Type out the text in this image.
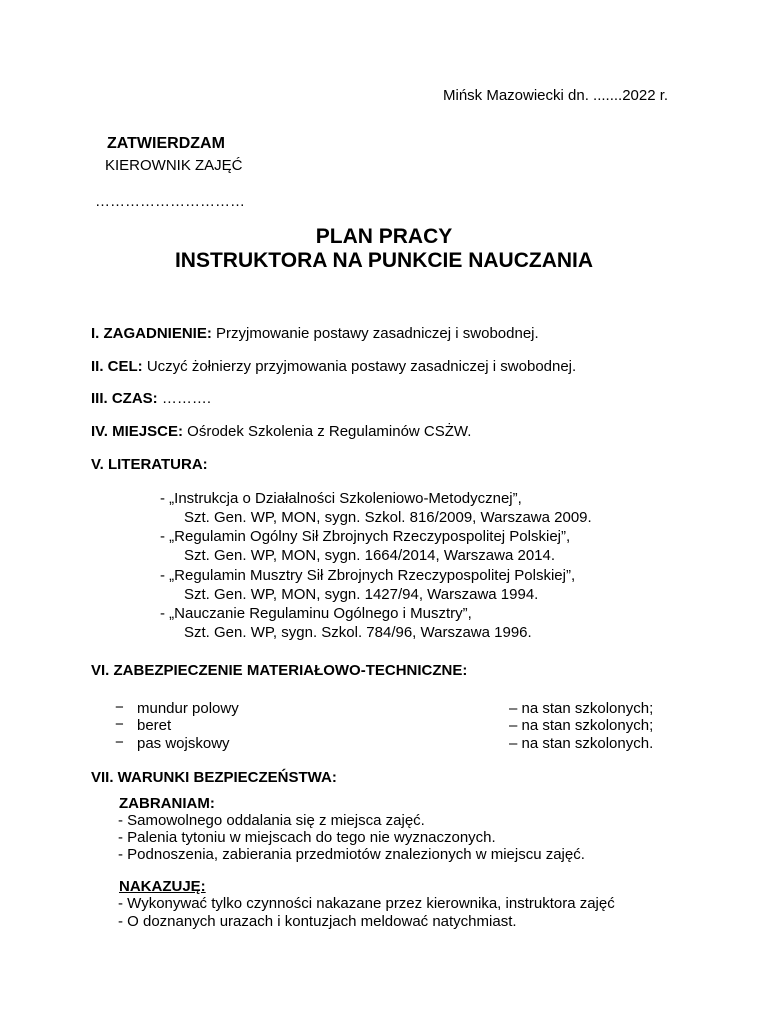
Mińsk Mazowiecki dn. .......2022 r.
ZATWIERDZAM
KIEROWNIK ZAJĘĆ
…………………………
PLAN PRACY
INSTRUKTORA NA PUNKCIE NAUCZANIA
I. ZAGADNIENIE: Przyjmowanie postawy zasadniczej i swobodnej.
II. CEL: Uczyć żołnierzy przyjmowania postawy zasadniczej i swobodnej.
III. CZAS: ……….
IV. MIEJSCE: Ośrodek Szkolenia z Regulaminów CSŻW.
V. LITERATURA:
- „Instrukcja o Działalności Szkoleniowo-Metodycznej”,
Szt. Gen. WP, MON, sygn. Szkol. 816/2009, Warszawa 2009.
- „Regulamin Ogólny Sił Zbrojnych Rzeczypospolitej Polskiej”,
Szt. Gen. WP, MON, sygn. 1664/2014, Warszawa 2014.
- „Regulamin Musztry Sił Zbrojnych Rzeczypospolitej Polskiej”,
Szt. Gen. WP, MON, sygn. 1427/94, Warszawa 1994.
- „Nauczanie Regulaminu Ogólnego i Musztry”,
Szt. Gen. WP, sygn. Szkol. 784/96, Warszawa 1996.
VI. ZABEZPIECZENIE MATERIAŁOWO-TECHNICZNE:
− mundur polowy	– na stan szkolonych;
− beret	– na stan szkolonych;
− pas wojskowy	– na stan szkolonych.
VII. WARUNKI BEZPIECZEŃSTWA:
ZABRANIAM:
- Samowolnego oddalania się z miejsca zajęć.
- Palenia tytoniu w miejscach do tego nie wyznaczonych.
- Podnoszenia, zabierania przedmiotów znalezionych w miejscu zajęć.
NAKAZUJĘ:
- Wykonywać tylko czynności nakazane przez kierownika, instruktora zajęć
- O doznanych urazach i kontuzjach meldować natychmiast.
